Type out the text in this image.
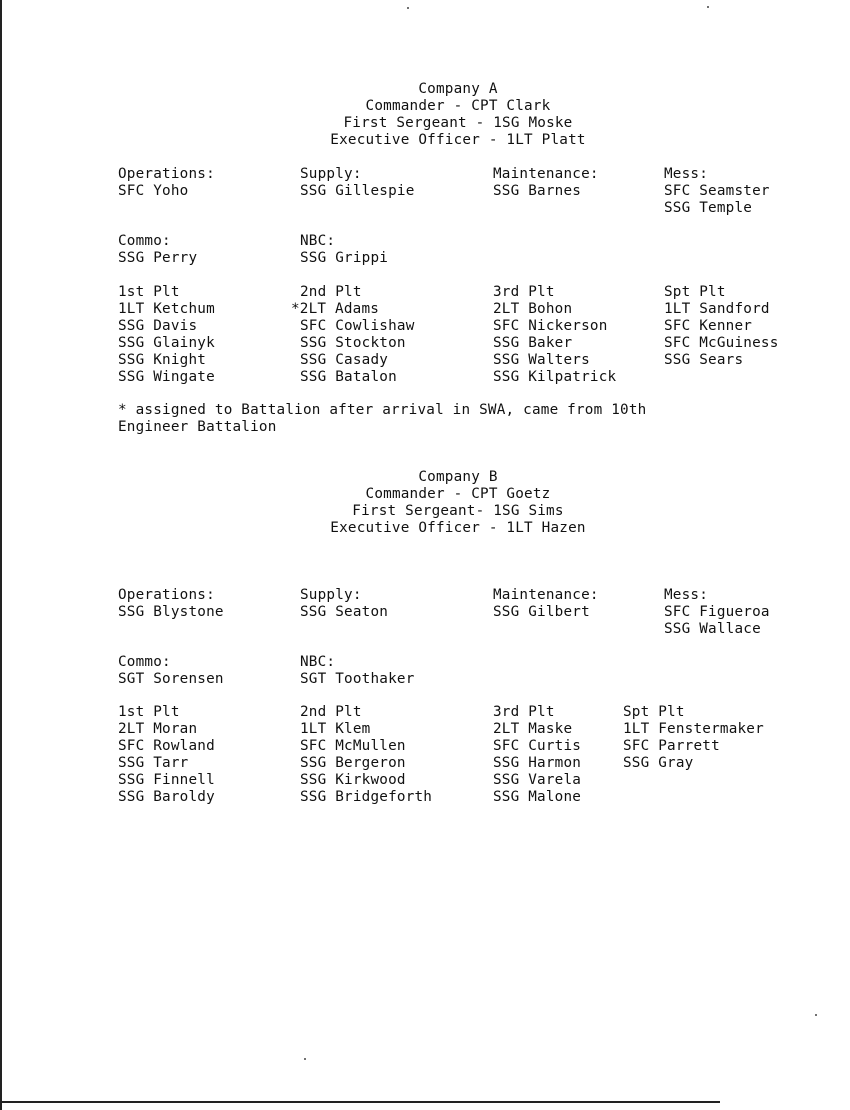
Company A
Commander - CPT Clark
First Sergeant - 1SG Moske
Executive Officer - 1LT Platt
Operations:
SFC Yoho
Supply:
SSG Gillespie
Maintenance:
SSG Barnes
Mess:
SFC Seamster
SSG Temple
Commo:
SSG Perry
NBC:
SSG Grippi
1st Plt
1LT Ketchum
SSG Davis
SSG Glainyk
SSG Knight
SSG Wingate
2nd Plt
*2LT Adams
SFC Cowlishaw
SSG Stockton
SSG Casady
SSG Batalon
3rd Plt
2LT Bohon
SFC Nickerson
SSG Baker
SSG Walters
SSG Kilpatrick
Spt Plt
1LT Sandford
SFC Kenner
SFC McGuiness
SSG Sears
* assigned to Battalion after arrival in SWA, came from 10th
Engineer Battalion
Company B
Commander - CPT Goetz
First Sergeant- 1SG Sims
Executive Officer - 1LT Hazen
Operations:
SSG Blystone
Supply:
SSG Seaton
Maintenance:
SSG Gilbert
Mess:
SFC Figueroa
SSG Wallace
Commo:
SGT Sorensen
NBC:
SGT Toothaker
1st Plt
2LT Moran
SFC Rowland
SSG Tarr
SSG Finnell
SSG Baroldy
2nd Plt
1LT Klem
SFC McMullen
SSG Bergeron
SSG Kirkwood
SSG Bridgeforth
3rd Plt
2LT Maske
SFC Curtis
SSG Harmon
SSG Varela
SSG Malone
Spt Plt
1LT Fenstermaker
SFC Parrett
SSG Gray
